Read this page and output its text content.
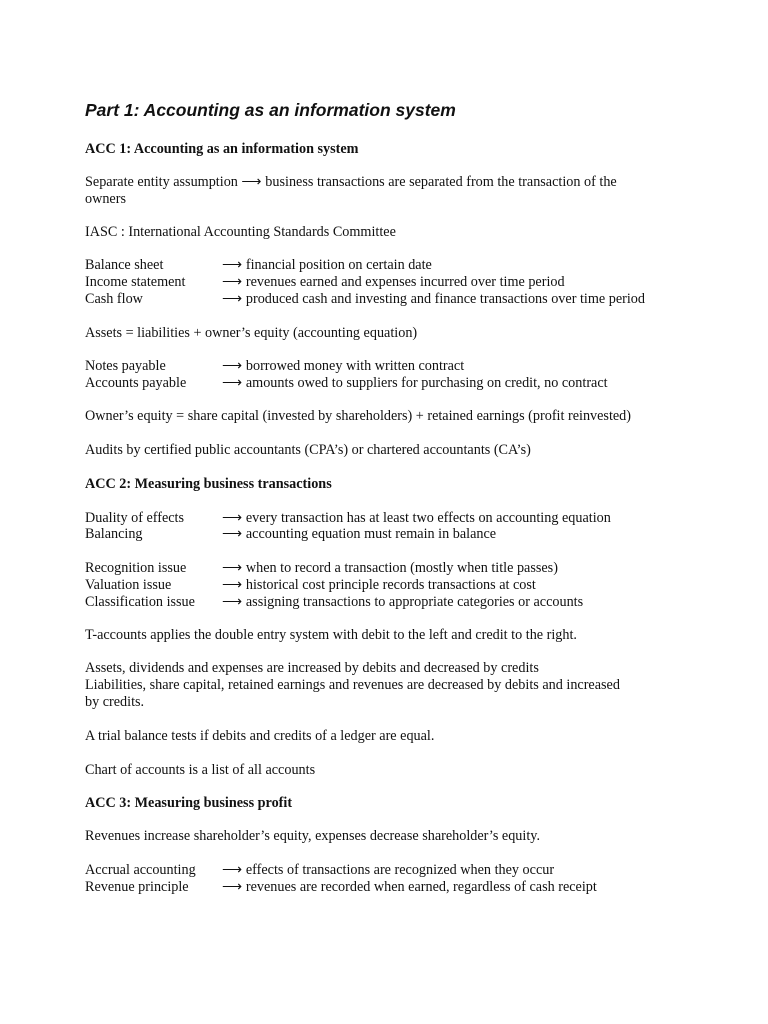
Part 1: Accounting as an information system

ACC 1: Accounting as an information system

Separate entity assumption ⟶ business transactions are separated from the transaction of the

owners

IASC : International Accounting Standards Committee

Balance sheet	⟶ financial position on certain date

Income statement	⟶ revenues earned and expenses incurred over time period

Cash flow	⟶ produced cash and investing and finance transactions over time period

Assets = liabilities + owner’s equity (accounting equation)

Notes payable	⟶ borrowed money with written contract

Accounts payable	⟶ amounts owed to suppliers for purchasing on credit, no contract

Owner’s equity = share capital (invested by shareholders) + retained earnings (profit reinvested)

Audits by certified public accountants (CPA’s) or chartered accountants (CA’s)

ACC 2: Measuring business transactions

Duality of effects	⟶ every transaction has at least two effects on accounting equation

Balancing	⟶ accounting equation must remain in balance

Recognition issue	⟶ when to record a transaction (mostly when title passes)

Valuation issue	⟶ historical cost principle records transactions at cost

Classification issue ⟶ assigning transactions to appropriate categories or accounts

T-accounts applies the double entry system with debit to the left and credit to the right.

Assets, dividends and expenses are increased by debits and decreased by credits

Liabilities, share capital, retained earnings and revenues are decreased by debits and increased

by credits.

A trial balance tests if debits and credits of a ledger are equal.

Chart of accounts is a list of all accounts

ACC 3: Measuring business profit

Revenues increase shareholder’s equity, expenses decrease shareholder’s equity.

Accrual accounting ⟶ effects of transactions are recognized when they occur

Revenue principle ⟶ revenues are recorded when earned, regardless of cash receipt
